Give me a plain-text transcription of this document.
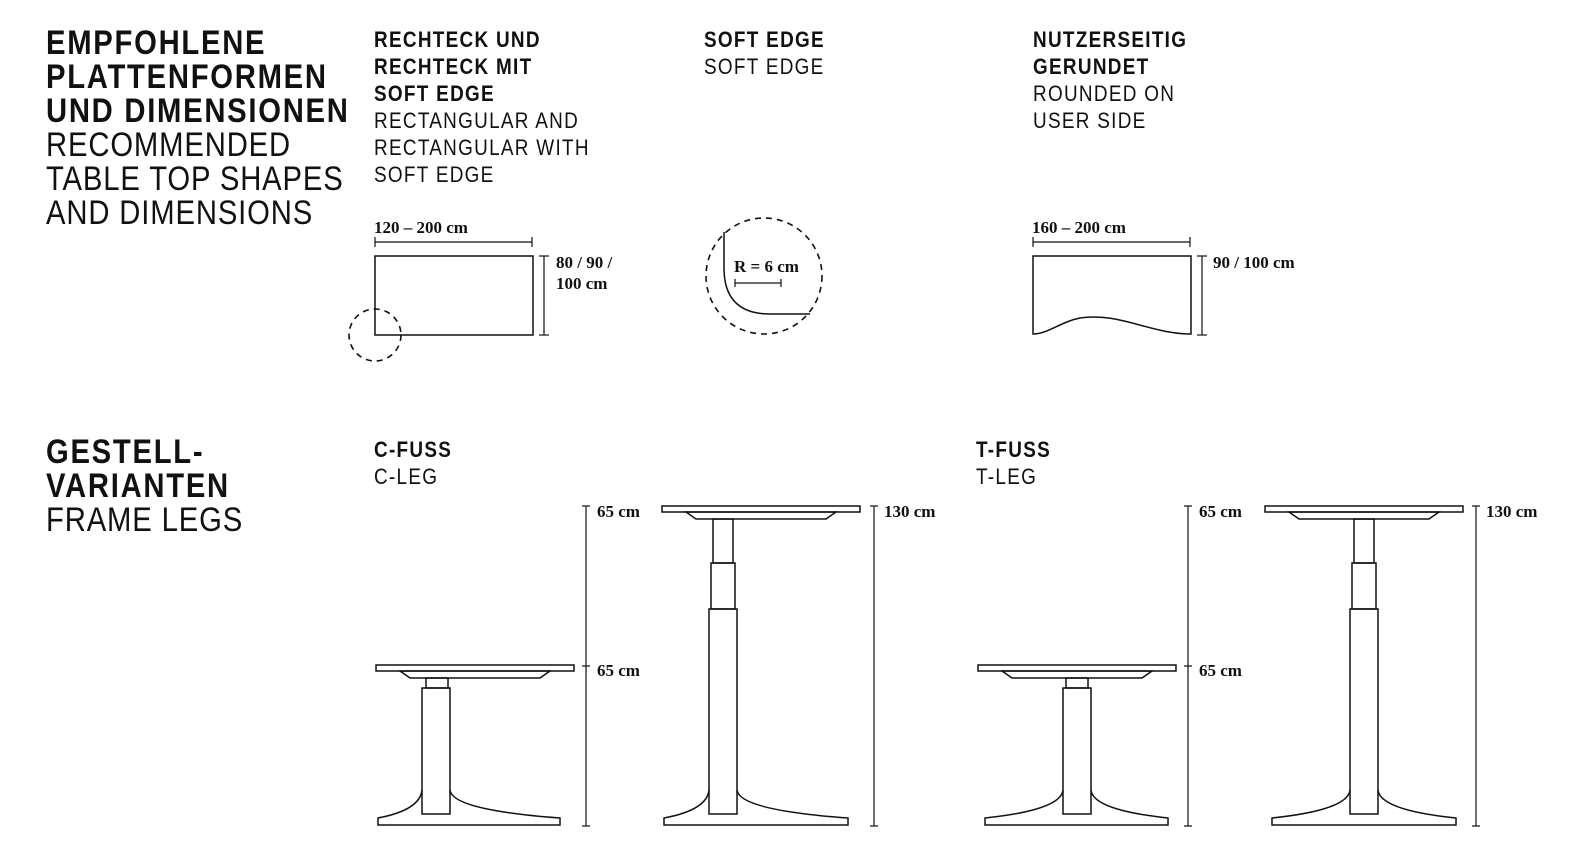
EMPFOHLENE
PLATTENFORMEN
UND DIMENSIONEN
RECOMMENDED
TABLE TOP SHAPES
AND DIMENSIONS
RECHTECK UND
RECHTECK MIT
SOFT EDGE
RECTANGULAR AND
RECTANGULAR WITH
SOFT EDGE
SOFT EDGE
SOFT EDGE
NUTZERSEITIG
GERUNDET
ROUNDED ON
USER SIDE
GESTELL-
VARIANTEN
FRAME LEGS
C-FUSS
C-LEG
T-FUSS
T-LEG
120 – 200 cm
80 / 90 /
100 cm
R = 6 cm
160 – 200 cm
90 / 100 cm
65 cm
65 cm
130 cm	65 cm
65 cm
130 cm
